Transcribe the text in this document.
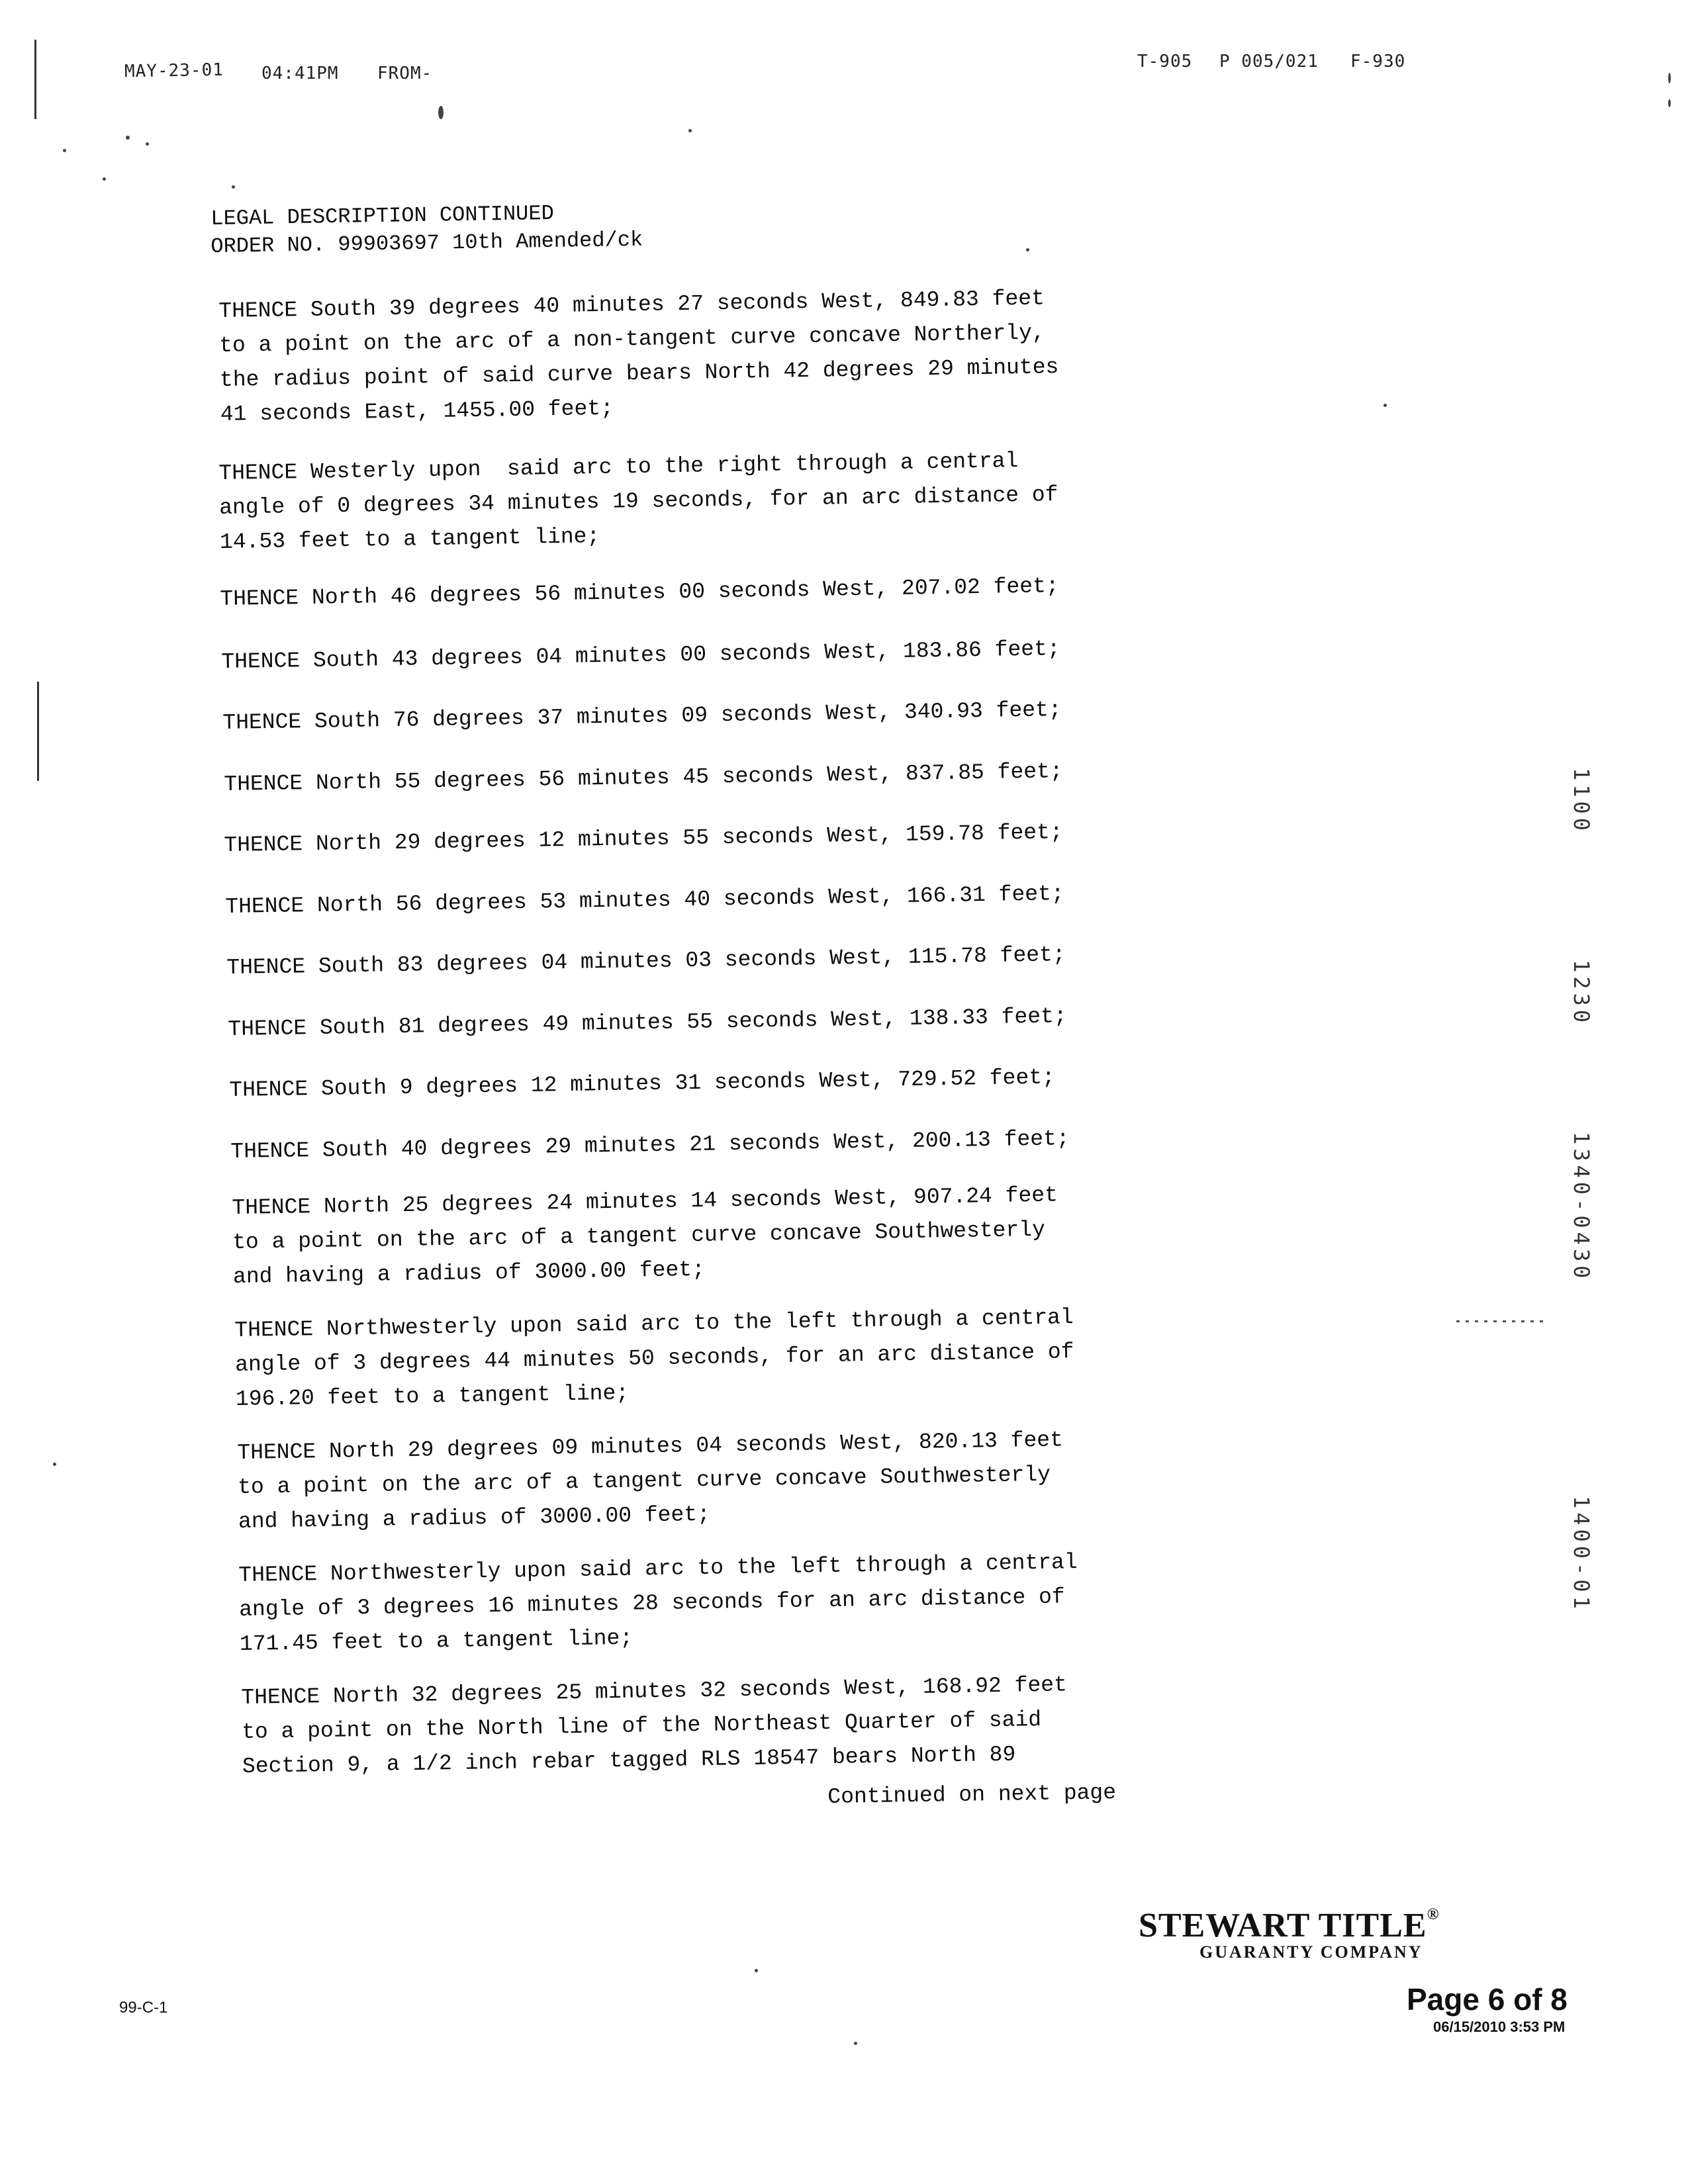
MAY-23-01 04:41PM FROM-
T-905 P 005/021 F-930
LEGAL DESCRIPTION CONTINUED
ORDER NO. 99903697 10th Amended/ck
THENCE South 39 degrees 40 minutes 27 seconds West, 849.83 feet
to a point on the arc of a non-tangent curve concave Northerly,
the radius point of said curve bears North 42 degrees 29 minutes
41 seconds East, 1455.00 feet;
THENCE Westerly upon  said arc to the right through a central
angle of 0 degrees 34 minutes 19 seconds, for an arc distance of
14.53 feet to a tangent line;
THENCE North 46 degrees 56 minutes 00 seconds West, 207.02 feet;
THENCE South 43 degrees 04 minutes 00 seconds West, 183.86 feet;
THENCE South 76 degrees 37 minutes 09 seconds West, 340.93 feet;
THENCE North 55 degrees 56 minutes 45 seconds West, 837.85 feet;
THENCE North 29 degrees 12 minutes 55 seconds West, 159.78 feet;
THENCE North 56 degrees 53 minutes 40 seconds West, 166.31 feet;
THENCE South 83 degrees 04 minutes 03 seconds West, 115.78 feet;
THENCE South 81 degrees 49 minutes 55 seconds West, 138.33 feet;
THENCE South 9 degrees 12 minutes 31 seconds West, 729.52 feet;
THENCE South 40 degrees 29 minutes 21 seconds West, 200.13 feet;
THENCE North 25 degrees 24 minutes 14 seconds West, 907.24 feet
to a point on the arc of a tangent curve concave Southwesterly
and having a radius of 3000.00 feet;
THENCE Northwesterly upon said arc to the left through a central
angle of 3 degrees 44 minutes 50 seconds, for an arc distance of
196.20 feet to a tangent line;
THENCE North 29 degrees 09 minutes 04 seconds West, 820.13 feet
to a point on the arc of a tangent curve concave Southwesterly
and having a radius of 3000.00 feet;
THENCE Northwesterly upon said arc to the left through a central
angle of 3 degrees 16 minutes 28 seconds for an arc distance of
171.45 feet to a tangent line;
THENCE North 32 degrees 25 minutes 32 seconds West, 168.92 feet
to a point on the North line of the Northeast Quarter of said
Section 9, a 1/2 inch rebar tagged RLS 18547 bears North 89
Continued on next page
1100
1230
1340-0430
1400-01
99-C-1
STEWART TITLE®
GUARANTY COMPANY
Page 6 of 8
06/15/2010 3:53 PM
